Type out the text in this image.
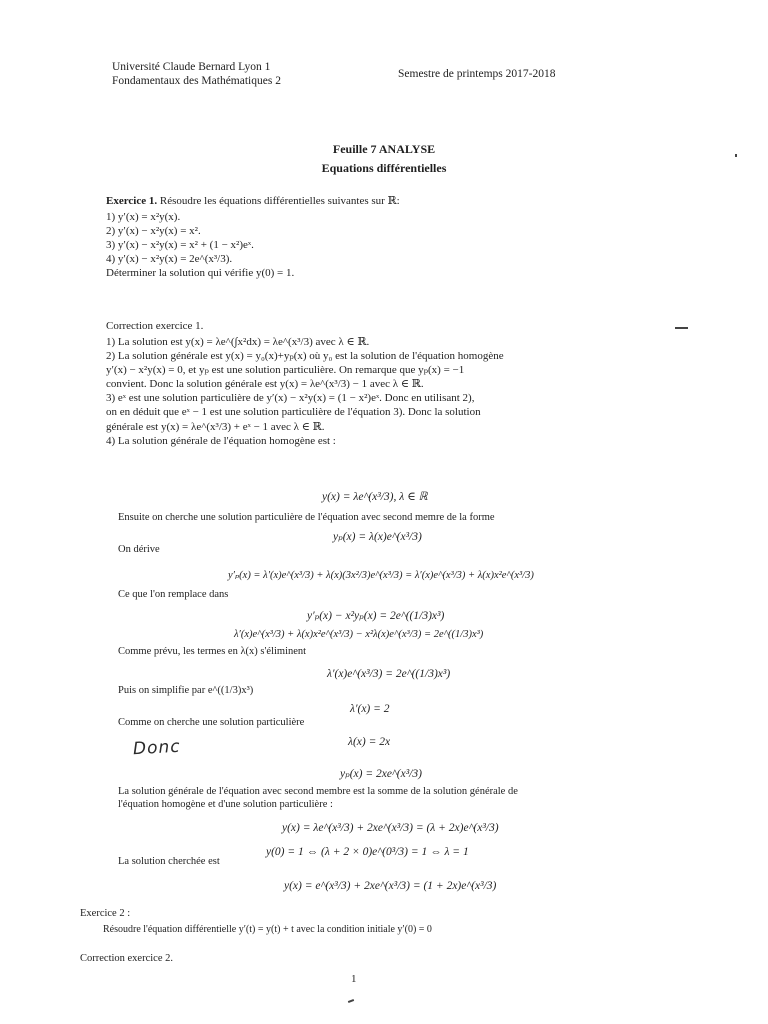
Université Claude Bernard Lyon 1
Fondamentaux des Mathématiques 2
Semestre de printemps 2017-2018
Feuille 7 ANALYSE
Equations différentielles

Exercice 1. Résoudre les équations différentielles suivantes sur ℝ:

1) y′(x) = x²y(x).

2) y′(x) − x²y(x) = x².

3) y′(x) − x²y(x) = x² + (1 − x²)eˣ.

4) y′(x) − x²y(x) = 2e^(x³/3).

Déterminer la solution qui vérifie y(0) = 1.

Correction exercice 1.

1) La solution est y(x) = λe^(∫x²dx) = λe^(x³/3) avec λ ∈ ℝ.

2) La solution générale est y(x) = y₀(x)+yₚ(x) où y₀ est la solution de l'équation homogène

y′(x) − x²y(x) = 0, et yₚ est une solution particulière. On remarque que yₚ(x) = −1

convient. Donc la solution générale est y(x) = λe^(x³/3) − 1 avec λ ∈ ℝ.

3) eˣ est une solution particulière de y′(x) − x²y(x) = (1 − x²)eˣ. Donc en utilisant 2),

on en déduit que eˣ − 1 est une solution particulière de l'équation 3). Donc la solution

générale est y(x) = λe^(x³/3) + eˣ − 1 avec λ ∈ ℝ.

4) La solution générale de l'équation homogène est :

y(x) = λe^(x³/3), λ ∈ ℝ
Ensuite on cherche une solution particulière de l'équation avec second memre de la forme
yₚ(x) = λ(x)e^(x³/3)
On dérive
y′ₚ(x) = λ′(x)e^(x³/3) + λ(x)(3x²/3)e^(x³/3) = λ′(x)e^(x³/3) + λ(x)x²e^(x³/3)
Ce que l'on remplace dans
y′ₚ(x) − x²yₚ(x) = 2e^((1/3)x³)
λ′(x)e^(x³/3) + λ(x)x²e^(x³/3) − x²λ(x)e^(x³/3) = 2e^((1/3)x³)
Comme prévu, les termes en λ(x) s'éliminent
λ′(x)e^(x³/3) = 2e^((1/3)x³)
Puis on simplifie par e^((1/3)x³)
λ′(x) = 2
Comme on cherche une solution particulière
λ(x) = 2x
Donc
yₚ(x) = 2xe^(x³/3)
La solution générale de l'équation avec second membre est la somme de la solution générale de
l'équation homogène et d'une solution particulière :
y(x) = λe^(x³/3) + 2xe^(x³/3) = (λ + 2x)e^(x³/3)
y(0) = 1 ⇔ (λ + 2 × 0)e^(0³/3) = 1 ⇔ λ = 1
La solution cherchée est
y(x) = e^(x³/3) + 2xe^(x³/3) = (1 + 2x)e^(x³/3)
Exercice 2 :
Résoudre l'équation différentielle y′(t) = y(t) + t avec la condition initiale y′(0) = 0
Correction exercice 2.
1
